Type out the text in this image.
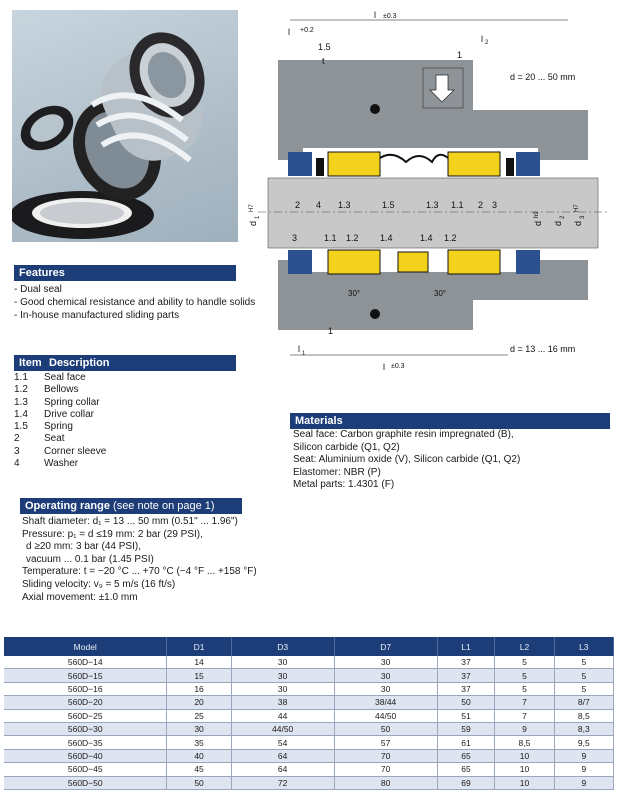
l
1.5
t
l ±0.3
+0.2
1
l 2
d = 20 ... 50 mm
d = 13 ... 16 mm
30°	30°
2 4 1.3	1.5	1.3 1.1 2 3
3	1.1 1.2 1.4	1.4 1.2
d
1
H7
d
h9
d
2
d
3
H7
l 1
l ±0.3
1
Features
- Dual seal
- Good chemical resistance and ability to handle solids
- In-house manufactured sliding parts
Item Description
1.1	Seal face
1.2	Bellows
1.3	Spring collar
1.4	Drive collar
1.5	Spring
2	Seat
3	Corner sleeve
4	Washer
Operating range (see note on page 1)
Shaft diameter: d₁ = 13 ... 50 mm (0.51" ... 1.96")
Pressure: p₁ = d ≤19 mm: 2 bar (29 PSI),
d ≥20 mm: 3 bar (44 PSI),
vacuum ... 0.1 bar (1.45 PSI)
Temperature: t = −20 °C ... +70 °C (−4 °F ... +158 °F)
Sliding velocity: v₉ = 5 m/s (16 ft/s)
Axial movement: ±1.0 mm
Materials
Seal face: Carbon graphite resin impregnated (B),
Silicon carbide (Q1, Q2)
Seat: Aluminium oxide (V), Silicon carbide (Q1, Q2)
Elastomer: NBR (P)
Metal parts: 1.4301 (F)
Model	D1	D3	D7	L1	L2	L3
560D−14	14	30	30	37	5	5
560D−15	15	30	30	37	5	5
560D−16	16	30	30	37	5	5
560D−20	20	38	38/44	50	7	8/7
560D−25	25	44	44/50	51	7	8,5
560D−30	30	44/50	50	59	9	8,3
560D−35	35	54	57	61	8,5	9,5
560D−40	40	64	70	65	10	9
560D−45	45	64	70	65	10	9
560D−50	50	72	80	69	10	9
